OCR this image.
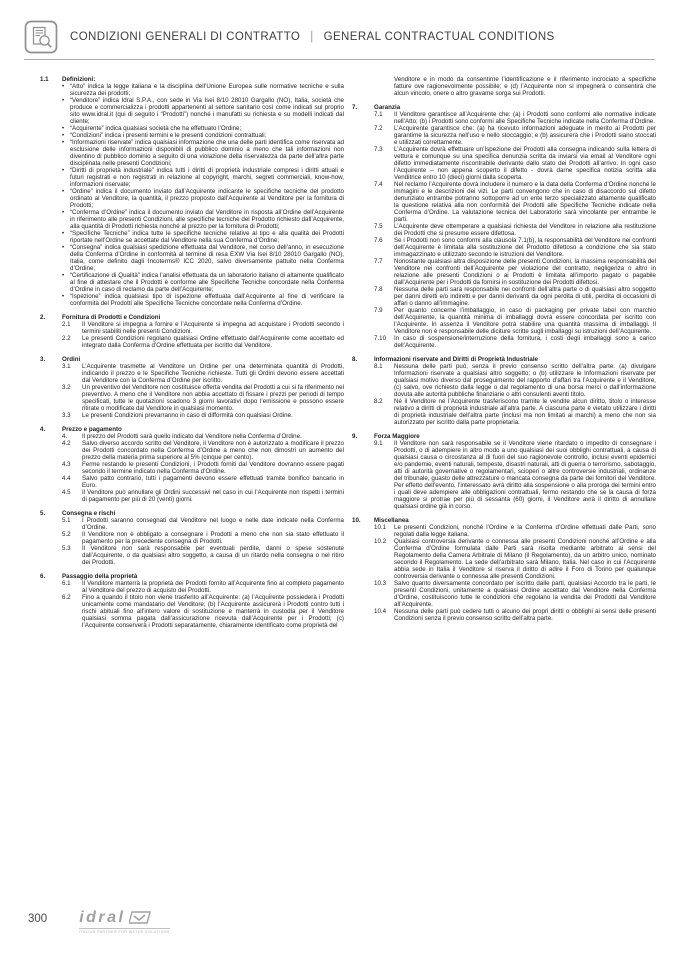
CONDIZIONI GENERALI DI CONTRATTO | GENERAL CONTRACTUAL CONDITIONS
1.1	Definizioni:
• “Atto” indica la legge italiana e la disciplina dell’Unione Europea sulle normative tecniche e sulla sicurezza dei prodotti;
• “Venditore” indica Idral S.P.A., con sede in Via Isei 8/10 28010 Gargallo (NO), Italia, società che produce e commercializza i prodotti appartenenti al settore sanitario così come indicati sul proprio sito www.idral.it (qui di seguito i “Prodotti”) nonché i manufatti su richiesta e su modelli indicati dal cliente;
• “Acquirente” indica qualsiasi società che ha effettuato l’Ordine;
• “Condizioni” indica i presenti termini e le presenti condizioni contrattuali;
• “Informazioni riservate” indica qualsiasi informazione che una delle parti identifica come riservata ad esclusione delle informazioni disponibili di pubblico dominio a meno che tali informazioni non diventino di pubblico dominio a seguito di una violazione della riservatezza da parte dell’altra parte disciplinata nelle presenti Condizioni;
• “Diritti di proprietà industriale” indica tutti i diritti di proprietà industriale compresi i diritti attuali e futuri registrati e non registrati in relazione al copyright, marchi, segreti commerciali, know-how, informazioni riservate;
• “Ordine” indica il documento inviato dall’Acquirente indicante le specifiche tecniche del prodotto ordinato al Venditore, la quantità, il prezzo proposto dall’Acquirente al Venditore per la fornitura di Prodotti;
• “Conferma d’Ordine” indica il documento inviato dal Venditore in risposta all’Ordine dell’Acquirente in riferimento alle presenti Condizioni, alle specifiche tecniche del Prodotto richiesto dall’Acquirente, alla quantità di Prodotti richiesta nonché al prezzo per la fornitura di Prodotti;
• “Specifiche Tecniche” indica tutte le specifiche tecniche relative al tipo e alla qualità dei Prodotti riportate nell’Ordine se accettate dal Venditore nella sua Conferma d’Ordine;
• “Consegna” indica qualsiasi spedizione effettuata dal Venditore, nel corso dell’anno, in esecuzione della Conferma d’Ordine in conformità al termine di resa EXW Via Isei 8/10 28010 Gargallo (NO), Italia, come definito dagli Incoterms® ICC 2020, salvo diversamente pattuito nella Conferma d’Ordine;
• “Certificazione di Qualità” indica l’analisi effettuata da un laboratorio italiano di altamente qualificato al fine di attestare che il Prodotti è conforme alle Specifiche Tecniche concordate nella Conferma d’Ordine in caso di reclamo da parte dell’Acquirente;
• “Ispezione” indica qualsiasi tipo di ispezione effettuata dall’Acquirente al fine di verificare la conformità del Prodotti alle Specifiche Tecniche concordate nella Conferma d’Ordine.
2.	Fornitura di Prodotti e Condizioni
2.1	Il Venditore si impegna a fornire e l’Acquirente si impegna ad acquistare i Prodotti secondo i termini stabiliti nelle presenti Condizioni.
2.2	Le presenti Condizioni regolano qualsiasi Ordine effettuato dall’Acquirente come accettato ed integrato dalla Conferma d’Ordine effettuata per iscritto dal Venditore.
3.	Ordini
3.1	L’Acquirente trasmette al Venditore un Ordine per una determinata quantità di Prodotti, indicando il prezzo e le Specifiche Tecniche richieste. Tutti gli Ordini devono essere accettati dal Venditore con la Conferma d’Ordine per iscritto.
3.2	Un preventivo del Venditore non costituisce offerta vendita del Prodotti a cui si fa riferimento nel preventivo. A meno che il Venditore non abbia accettato di fissare i prezzi per periodi di tempo specificati, tutte le quotazioni scadono 3 giorni lavorativi dopo l’emissione e possono essere ritirate o modificate dal Venditore in qualsiasi momento.
3.3	Le presenti Condizioni prevarranno in caso di difformità con qualsiasi Ordine.
4.	Prezzo e pagamento
4.	Il prezzo del Prodotti sarà quello indicato dal Venditore nella Conferma d’Ordine.
4.2	Salvo diverso accordo scritto del Venditore, il Venditore non è autorizzato a modificare il prezzo dei Prodotti concordato nella Conferma d’Ordine a meno che non dimostri un aumento del prezzo della materia prima superiore al 5% (cinque per cento).
4.3	Ferme restando le presenti Condizioni, i Prodotti forniti dal Venditore dovranno essere pagati secondo il termine indicato nella Conferma d’Ordine.
4.4	Salvo patto contrario, tutti i pagamenti devono essere effettuati tramite bonifico bancario in Euro.
4.5	Il Venditore può annullare gli Ordini successivi nel caso in cui l’Acquirente non rispetti i termini di pagamento per più di 20 (venti) giorni.
5.	Consegna e rischi
5.1	I Prodotti saranno consegnati dal Venditore nel luogo e nelle date indicate nella Conferma d’Ordine.
5.2	Il Venditore non è obbligato a consegnare i Prodotti a meno che non sia stato effettuato il pagamento per la precedente consegna di Prodotti.
5.3	Il Venditore non sarà responsabile per eventuali perdite, danni o spese sostenute dall’Acquirente, o da qualsiasi altro soggetto, a causa di un ritardo nella consegna o nel ritiro dei Prodotti.
6.	Passaggio della proprietà
6.1	Il Venditore manterrà la proprietà dei Prodotti fornito all’Acquirente fino al completo pagamento al Venditore del prezzo di acquisto dei Prodotti.
6.2	Fino a quando il titolo non viene trasferito all’Acquirente: (a) l’Acquirente possiederà i Prodotti unicamente come mandatario del Venditore; (b) l’Acquirente assicurerà i Prodotti contro tutti i rischi abituali fino all’intero valore di sostituzione e manterrà in custodia per il Venditore qualsiasi somma pagata dall’assicurazione ricevuta dall’Acquirente per i Prodotti; (c) l’Acquirente conserverà i Prodotti separatamente, chiaramente identificato come proprietà del
Venditore e in modo da consentirne l’identificazione e il riferimento incrociato a specifiche fatture ove ragionevolmente possibile; e (d) l’Acquirente non si impegnerà o consentirà che alcun vincolo, onere o altro gravame sorga sui Prodotti.
7.	Garanzia
7.1	Il Venditore garantisce all’Acquirente che: (a) i Prodotti sono conformi alle normative indicate nell’Atto; (b) i Prodotti sono conformi alle Specifiche Tecniche indicate nella Conferma d’Ordine.
7.2	L’Acquirente garantisce che: (a) ha ricevuto informazioni adeguate in merito ai Prodotti per garantirne la sicurezza nell’uso e nello stoccaggio; e (b) assicurerà che i Prodotti siano stoccati e utilizzati correttamente.
7.3	L’Acquirente dovrà effettuare un’Ispezione dei Prodotti alla consegna indicando sulla lettera di vettura e comunque su una specifica denunzia scritta da inviarsi via email al Venditore ogni difetto immediatamente riscontrabile derivante dallo stato dei Prodotti all’arrivo. In ogni caso l’Acquirente – non appena scoperto il difetto - dovrà darne specifica notizia scritta alla Venditrice entro 10 (dieci) giorni dalla scoperta.
7.4	Nel reclamo l’Acquirente dovrà includere il numero e la data della Conferma d’Ordine nonché le immagini e le descrizioni dei vizi. Le parti convengono che in caso di disaccordo sul difetto denunziato entrambe potranno sottoporre ad un ente terzo specializzato altamente qualificato la questione relativa alla non conformità dei Prodotti alle Specifiche Tecniche indicate nella Conferma d’Ordine. La valutazione tecnica del Laboratorio sarà vincolante per entrambe le parti.
7.5	L’Acquirente deve ottemperare a qualsiasi richiesta del Venditore in relazione alla restituzione dei Prodotti che si presume essere difettosa.
7.6	Se i Prodotti non sono conformi alla clausola 7.1(b), la responsabilità del Venditore nei confronti dell’Acquirente è limitata alla sostituzione del Prodotto difettoso a condizione che sia stato immagazzinato e utilizzato secondo le istruzioni del Venditore.
7.7	Nonostante qualsiasi altra disposizione delle presenti Condizioni, la massima responsabilità del Venditore nei confronti dell’Acquirente per violazione del contratto, negligenza o altro in relazione alle presenti Condizioni o ai Prodotti è limitata all’importo pagato o pagabile dall’Acquirente per i Prodotti da fornirsi in sostituzione dei Prodotti difettosi.
7.8	Nessuna delle parti sarà responsabile nei confronti dell’altra parte o di qualsiasi altro soggetto per danni diretti e/o indiretti e per danni derivanti da ogni perdita di utili, perdita di occasioni di affari o danno all’immagine.
7.9	Per quanto concerne l’imballaggio, in caso di packaging per private label con marchio dell’Acquirente, la quantità minima di imballaggi dovrà essere concordata per iscritto con l’Acquirente. In assenza il Venditore potrà stabilire una quantità massima di imballaggi. Il Venditore non è responsabile delle diciture scritte sugli imballaggi su istruzioni dell’Acquirente.
7.10	In caso di sospensione/interruzione della fornitura, i costi degli imballaggi sono a carico dell’Acquirente.
8.	Informazioni riservate and Diritti di Proprietà Industriale
8.1	Nessuna delle parti può, senza il previo consenso scritto dell’altra parte: (a) divulgare Informazioni riservate a qualsiasi altro soggetto; o (b) utilizzare le Informazioni riservate per qualsiasi motivo diverso dal proseguimento del rapporto d’affari tra l’Acquirente e il Venditore, (c) salvo, ove richiesto dalla legge o dal regolamento di una borsa merci o dall’informazione dovuta alle autorità pubbliche finanziarie o altri consulenti aventi titolo.
8.2	Né il Venditore né l’Acquirente trasferiscono tramite le vendite alcun diritto, titolo o interesse relativo a diritti di proprietà industriale all’altra parte. A ciascuna parte è vietato utilizzare i diritti di proprietà industriale dell’altra parte (inclusi ma non limitati ai marchi) a meno che non sia autorizzato per iscritto dalla parte proprietaria.
9.	Forza Maggiore
9.1	Il Venditore non sarà responsabile se il Venditore viene ritardato o impedito di consegnare i Prodotti, o di adempiere in altro modo a uno qualsiasi dei suoi obblighi contrattuali, a causa di qualsiasi causa o circostanza al di fuori del suo ragionevole controllo, inclusi eventi epidemici e/o pandemie, eventi naturali, tempeste, disastri naturali, atti di guerra o terrorismo, sabotaggio, atti di autorità governative o regolamentari, scioperi o altre controversie industriali, ordinanze del tribunale, guasto delle attrezzature o mancata consegna da parte dei fornitori del Venditore. Per effetto dell’evento, l’interessato avrà diritto alla sospensione o alla proroga dei termini entro i quali deve adempiere alle obbligazioni contrattuali, fermo restando che se la causa di forza maggiore si protrae per più di sessanta (60) giorni, il Venditore avrà il diritto di annullare qualsiasi ordine già in corso.
10.	Miscellanea
10.1	Le presenti Condizioni, nonché l’Ordine e la Conferma d’Ordine effettuati dalle Parti, sono regolati dalla legge italiana.
10.2	Qualsiasi controversia derivante o connessa alle presenti Condizioni nonché all’Ordine e alla Conferma d’Ordine formulata dalle Parti sarà risolta mediante arbitrato ai sensi del Regolamento della Camera Arbitrale di Milano (il Regolamento), da un arbitro unico, nominato secondo il Regolamento. La sede dell’arbitrato sarà Milano, Italia. Nel caso in cui l’Acquirente abbia sede in Italia il Venditore si riserva il diritto di adire il Foro di Torino per qualunque controversia derivante o connessa alle presenti Condizioni.
10.3	Salvo quanto diversamente concordato per iscritto dalle parti, qualsiasi Accordo tra le parti, le presenti Condizioni, unitamente a qualsiasi Ordine accettato dal Venditore nella Conferma d’Ordine, costituiscono tutte le condizioni che regolano la vendita dei Prodotti dal Venditore all’Acquirente.
10.4	Nessuna delle parti può cedere tutti o alcuno dei propri diritti o obblighi ai sensi delle presenti Condizioni senza il previo consenso scritto dell’altra parte.
300 idral
ITALIAN PARTNER FOR WATER SOLUTIONS
